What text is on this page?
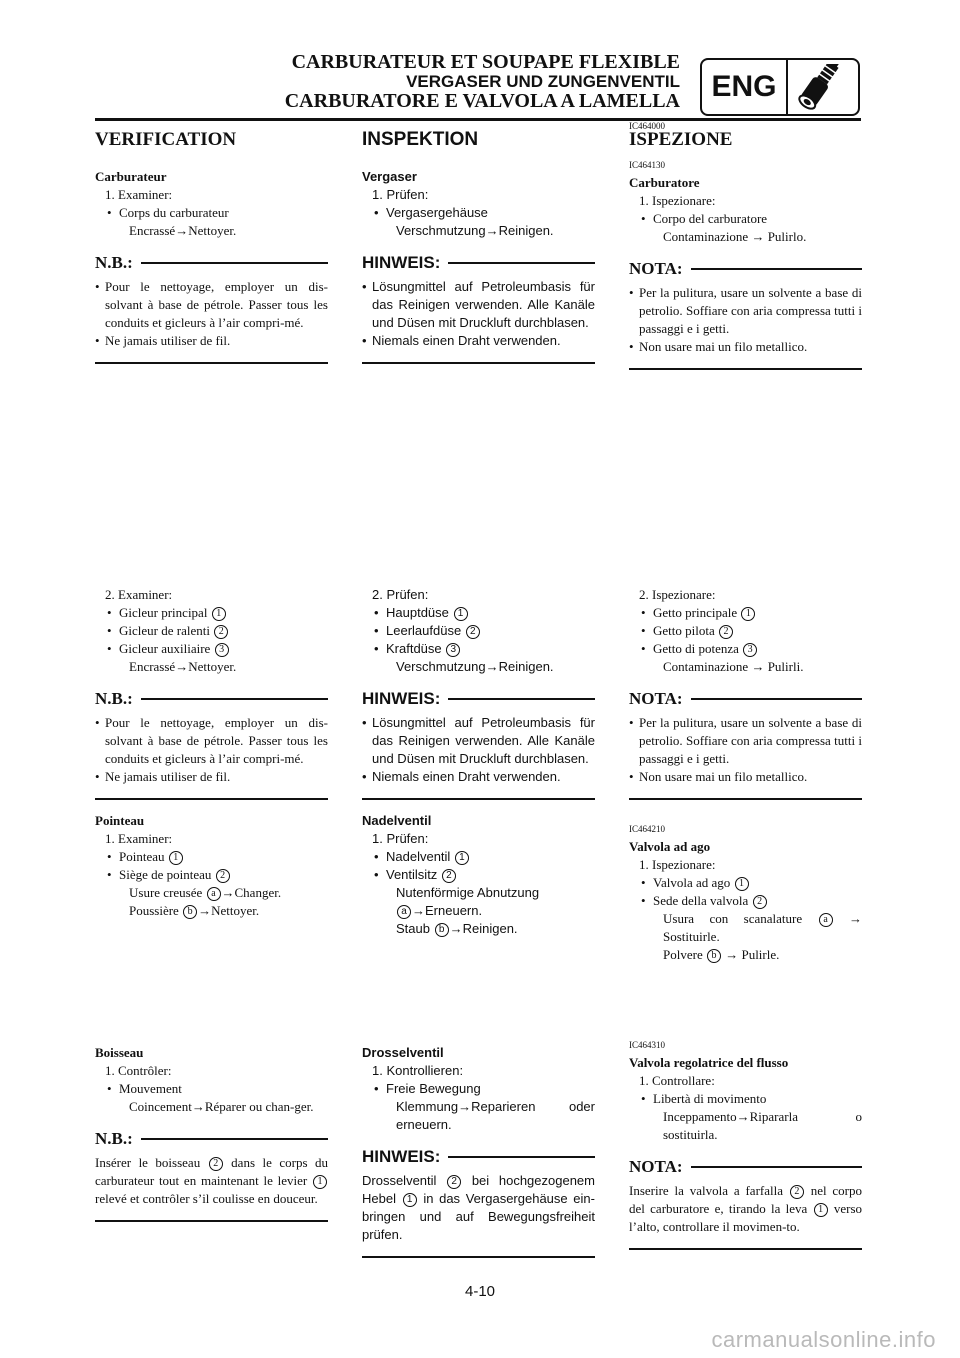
CARBURATEUR ET SOUPAPE FLEXIBLE
VERGASER UND ZUNGENVENTIL
CARBURATORE E VALVOLA A LAMELLA	ENG
IC464000
VERIFICATION

Carburateur

1. Examiner:

• Corps du carburateur

Encrassé→Nettoyer.

N.B.:

• Pour le nettoyage, employer un dis-solvant à base de pétrole. Passer tous les conduits et gicleurs à l’air compri-mé.

• Ne jamais utiliser de fil.

2. Examiner:

• Gicleur principal 1

• Gicleur de ralenti 2

• Gicleur auxiliaire 3

Encrassé→Nettoyer.

N.B.:

• Pour le nettoyage, employer un dis-solvant à base de pétrole. Passer tous les conduits et gicleurs à l’air compri-mé.

• Ne jamais utiliser de fil.

Pointeau

1. Examiner:

• Pointeau 1

• Siège de pointeau 2

Usure creusée a →Changer.

Poussière b →Nettoyer.

Boisseau

1. Contrôler:

• Mouvement

Coincement→Réparer ou chan-ger.

N.B.:

Insérer le boisseau 2 dans le corps du carburateur tout en maintenant le levier 1 relevé et contrôler s’il coulisse en douceur.

INSPEKTION

Vergaser

1. Prüfen:

• Vergasergehäuse

Verschmutzung→Reinigen.

HINWEIS:

• Lösungmittel auf Petroleumbasis für das Reinigen verwenden. Alle Kanäle und Düsen mit Druckluft durchblasen.

• Niemals einen Draht verwenden.

2. Prüfen:

• Hauptdüse 1

• Leerlaufdüse 2

• Kraftdüse 3

Verschmutzung→Reinigen.

HINWEIS:

• Lösungmittel auf Petroleumbasis für das Reinigen verwenden. Alle Kanäle und Düsen mit Druckluft durchblasen.

• Niemals einen Draht verwenden.

Nadelventil

1. Prüfen:

• Nadelventil 1

• Ventilsitz 2

Nutenförmige Abnutzung

a →Erneuern.

Staub b →Reinigen.

Drosselventil

1. Kontrollieren:

• Freie Bewegung

Klemmung→Reparieren oder erneuern.

HINWEIS:

Drosselventil 2 bei hochgezogenem Hebel 1 in das Vergasergehäuse ein-bringen und auf Bewegungsfreiheit prüfen.

ISPEZIONE
IC464130

Carburatore

1. Ispezionare:

• Corpo del carburatore

Contaminazione → Pulirlo.

NOTA:

• Per la pulitura, usare un solvente a base di petrolio. Soffiare con aria compressa tutti i passaggi e i getti.

• Non usare mai un filo metallico.

2. Ispezionare:

• Getto principale 1

• Getto pilota 2

• Getto di potenza 3

Contaminazione → Pulirli.

NOTA:

• Per la pulitura, usare un solvente a base di petrolio. Soffiare con aria compressa tutti i passaggi e i getti.

• Non usare mai un filo metallico.

IC464210

Valvola ad ago

1. Ispezionare:

• Valvola ad ago 1

• Sede della valvola 2

Usura con scanalature a → Sostituirle.

Polvere b → Pulirle.

IC464310

Valvola regolatrice del flusso

1. Controllare:

• Libertà di movimento

Inceppamento→Ripararla o sostituirla.

NOTA:

Inserire la valvola a farfalla 2 nel corpo del carburatore e, tirando la leva 1 verso l’alto, controllare il movimen-to.

4-10
carmanualsonline.info
